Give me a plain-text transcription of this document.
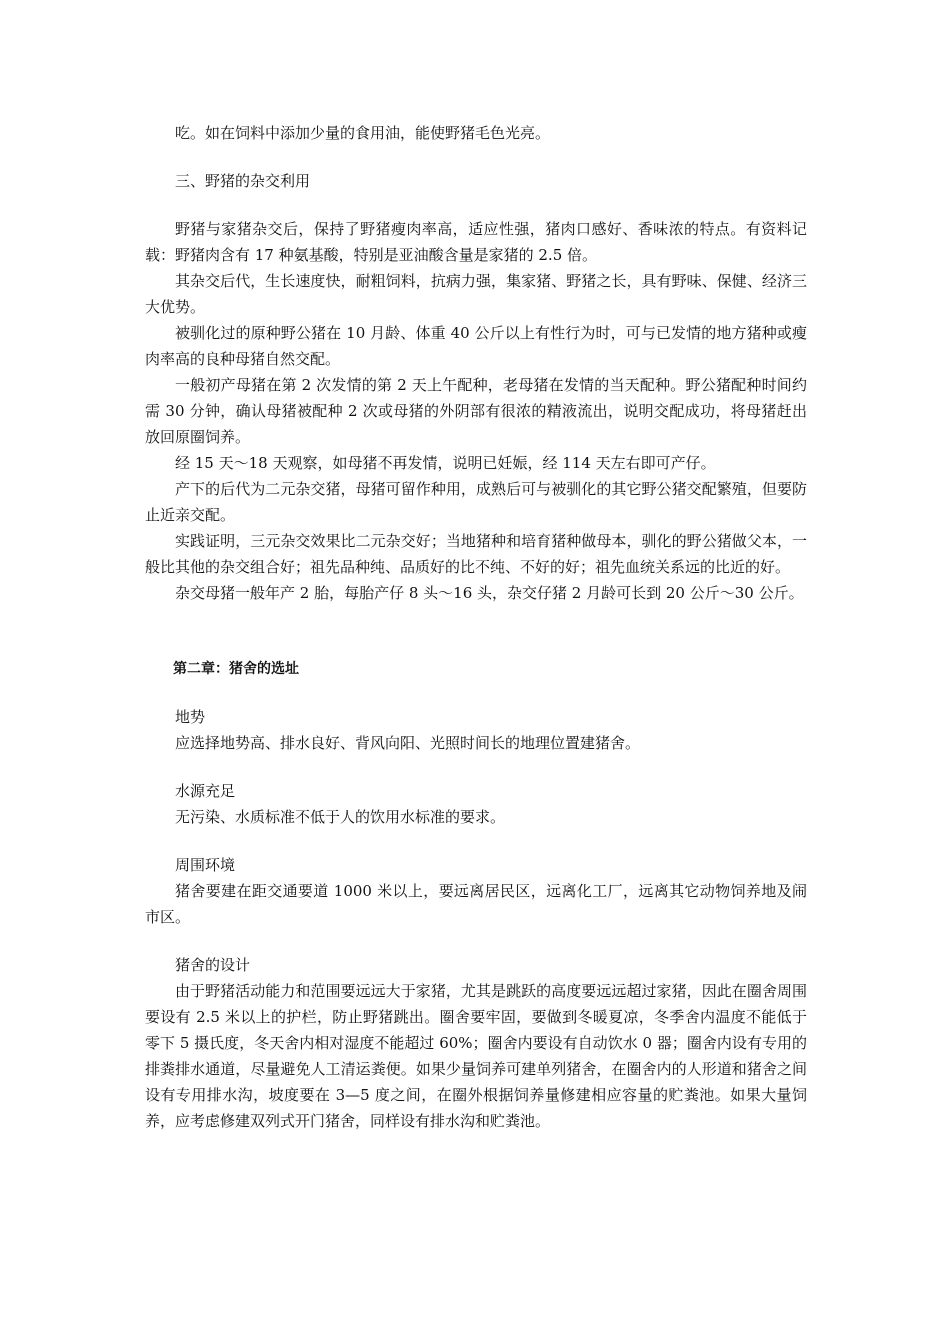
吃。如在饲料中添加少量的食用油，能使野猪毛色光亮。

三、野猪的杂交利用

野猪与家猪杂交后，保持了野猪瘦肉率高，适应性强，猪肉口感好、香味浓的特点。有资料记载：野猪肉含有 17 种氨基酸，特别是亚油酸含量是家猪的 2.5 倍。

其杂交后代，生长速度快，耐粗饲料，抗病力强，集家猪、野猪之长，具有野味、保健、经济三大优势。

被驯化过的原种野公猪在 10 月龄、体重 40 公斤以上有性行为时，可与已发情的地方猪种或瘦肉率高的良种母猪自然交配。

一般初产母猪在第 2 次发情的第 2 天上午配种，老母猪在发情的当天配种。野公猪配种时间约需 30 分钟，确认母猪被配种 2 次或母猪的外阴部有很浓的精液流出，说明交配成功，将母猪赶出放回原圈饲养。

经 15 天～18 天观察，如母猪不再发情，说明已妊娠，经 114 天左右即可产仔。

产下的后代为二元杂交猪，母猪可留作种用，成熟后可与被驯化的其它野公猪交配繁殖，但要防止近亲交配。

实践证明，三元杂交效果比二元杂交好；当地猪种和培育猪种做母本，驯化的野公猪做父本，一般比其他的杂交组合好；祖先品种纯、品质好的比不纯、不好的好；祖先血统关系远的比近的好。

杂交母猪一般年产 2 胎，每胎产仔 8 头～16 头，杂交仔猪 2 月龄可长到 20 公斤～30 公斤。

第二章：猪舍的选址

地势

应选择地势高、排水良好、背风向阳、光照时间长的地理位置建猪舍。

水源充足

无污染、水质标准不低于人的饮用水标准的要求。

周围环境

猪舍要建在距交通要道 1000 米以上，要远离居民区，远离化工厂，远离其它动物饲养地及闹市区。

猪舍的设计

由于野猪活动能力和范围要远远大于家猪，尤其是跳跃的高度要远远超过家猪，因此在圈舍周围要设有 2.5 米以上的护栏，防止野猪跳出。圈舍要牢固，要做到冬暖夏凉，冬季舍内温度不能低于零下 5 摄氏度，冬天舍内相对湿度不能超过 60%；圈舍内要设有自动饮水 0 器；圈舍内设有专用的排粪排水通道，尽量避免人工清运粪便。如果少量饲养可建单列猪舍，在圈舍内的人形道和猪舍之间设有专用排水沟，坡度要在 3—5 度之间，在圈外根据饲养量修建相应容量的贮粪池。如果大量饲养，应考虑修建双列式开门猪舍，同样设有排水沟和贮粪池。
